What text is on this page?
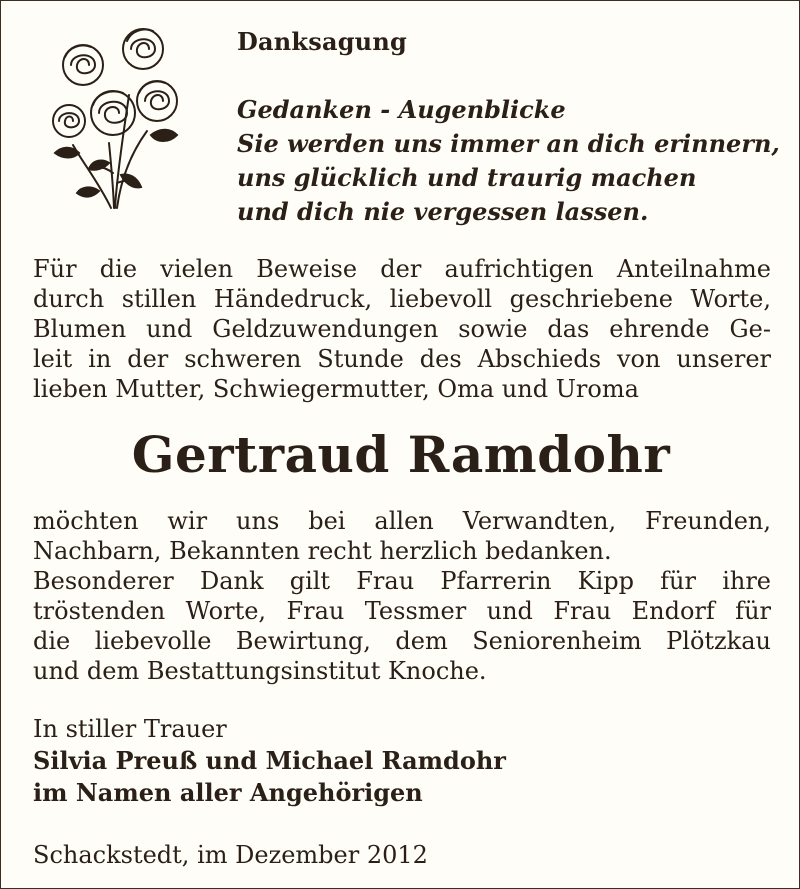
Danksagung
Gedanken - Augenblicke
Sie werden uns immer an dich erinnern,
uns glücklich und traurig machen
und dich nie vergessen lassen.
Für die vielen Beweise der aufrichtigen Anteilnahme
durch stillen Händedruck, liebevoll geschriebene Worte,
Blumen und Geldzuwendungen sowie das ehrende Ge-
leit in der schweren Stunde des Abschieds von unserer
lieben Mutter, Schwiegermutter, Oma und Uroma
Gertraud Ramdohr
möchten wir uns bei allen Verwandten, Freunden,
Nachbarn, Bekannten recht herzlich bedanken.
Besonderer Dank gilt Frau Pfarrerin Kipp für ihre
tröstenden Worte, Frau Tessmer und Frau Endorf für
die liebevolle Bewirtung, dem Seniorenheim Plötzkau
und dem Bestattungsinstitut Knoche.
In stiller Trauer
Silvia Preuß und Michael Ramdohr
im Namen aller Angehörigen
Schackstedt, im Dezember 2012
